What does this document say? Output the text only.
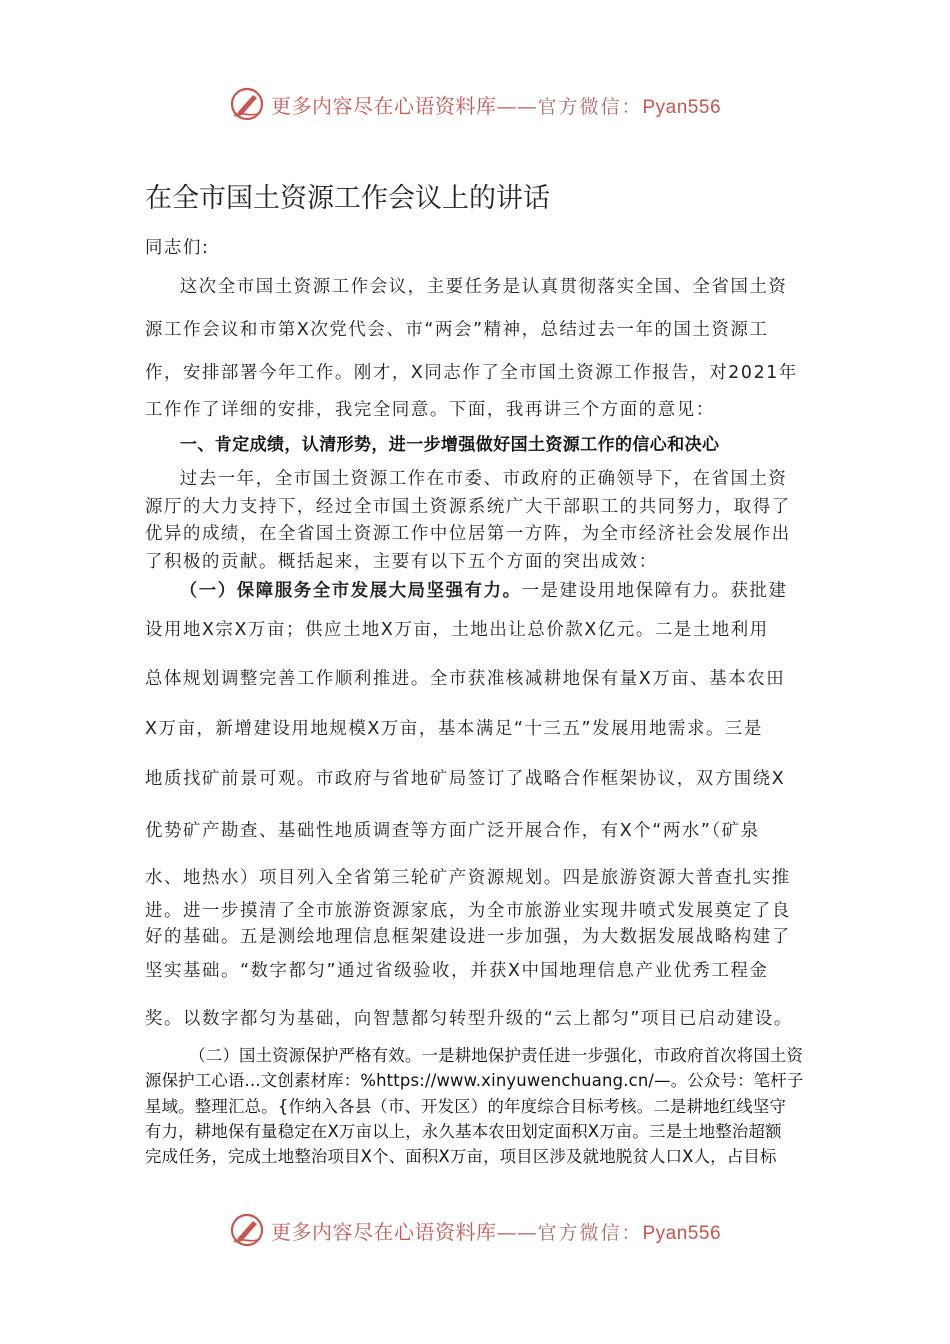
更多内容尽在心语资料库——官方微信：Pyan556
在全市国土资源工作会议上的讲话

同志们:

这次全市国土资源工作会议，主要任务是认真贯彻落实全国、全省国土资
源工作会议和市第X次党代会、市“两会”精神，总结过去一年的国土资源工
作，安排部署今年工作。刚才，X同志作了全市国土资源工作报告，对2021年
工作作了详细的安排，我完全同意。下面，我再讲三个方面的意见：

一、肯定成绩，认清形势，进一步增强做好国土资源工作的信心和决心

过去一年，全市国土资源工作在市委、市政府的正确领导下，在省国土资
源厅的大力支持下，经过全市国土资源系统广大干部职工的共同努力，取得了
优异的成绩，在全省国土资源工作中位居第一方阵，为全市经济社会发展作出
了积极的贡献。概括起来，主要有以下五个方面的突出成效：

（一）保障服务全市发展大局坚强有力。一是建设用地保障有力。获批建
设用地X宗X万亩；供应土地X万亩，土地出让总价款X亿元。二是土地利用
总体规划调整完善工作顺利推进。全市获准核减耕地保有量X万亩、基本农田
X万亩，新增建设用地规模X万亩，基本满足“十三五”发展用地需求。三是
地质找矿前景可观。市政府与省地矿局签订了战略合作框架协议，双方围绕X
优势矿产勘查、基础性地质调查等方面广泛开展合作，有X个“两水”（矿泉
水、地热水）项目列入全省第三轮矿产资源规划。四是旅游资源大普查扎实推
进。进一步摸清了全市旅游资源家底，为全市旅游业实现井喷式发展奠定了良
好的基础。五是测绘地理信息框架建设进一步加强，为大数据发展战略构建了
坚实基础。“数字都匀”通过省级验收，并获X中国地理信息产业优秀工程金
奖。以数字都匀为基础，向智慧都匀转型升级的“云上都匀”项目已启动建设。
（二）国土资源保护严格有效。一是耕地保护责任进一步强化，市政府首次将国土资
源保护工心语...文创素材库：%https://www.xinyuwenchuang.cn/—。公众号：笔杆子
星域。整理汇总。{作纳入各县（市、开发区）的年度综合目标考核。二是耕地红线坚守
有力，耕地保有量稳定在X万亩以上，永久基本农田划定面积X万亩。三是土地整治超额
完成任务，完成土地整治项目X个、面积X万亩，项目区涉及就地脱贫人口X人，占目标
更多内容尽在心语资料库——官方微信：Pyan556
